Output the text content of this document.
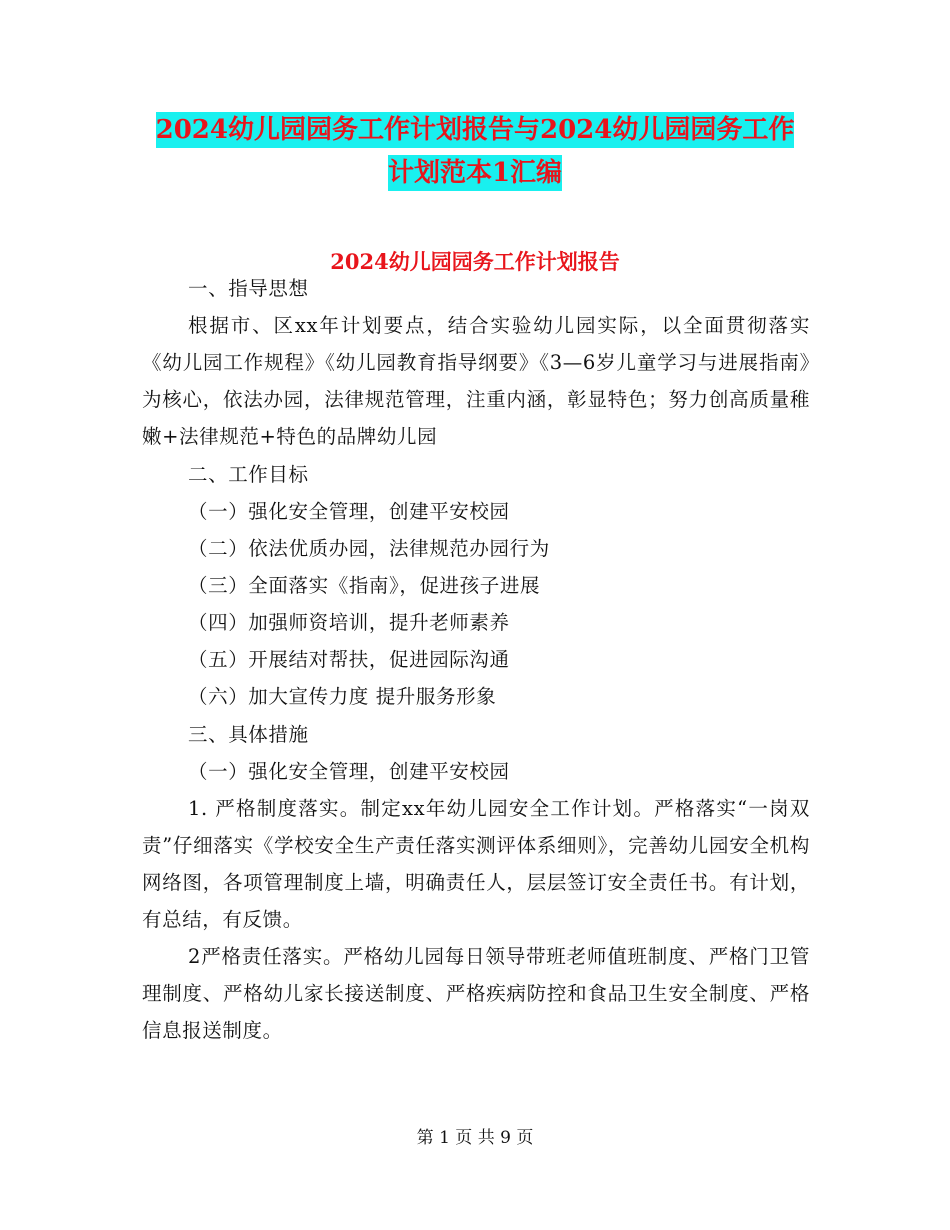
2024幼儿园园务工作计划报告与2024幼儿园园务工作
计划范本1汇编
2024幼儿园园务工作计划报告

一、指导思想

根据市、区xx年计划要点，结合实验幼儿园实际，以全面贯彻落实《幼儿园工作规程》《幼儿园教育指导纲要》《3—6岁儿童学习与进展指南》为核心，依法办园，法律规范管理，注重内涵，彰显特色；努力创高质量稚嫩+法律规范+特色的品牌幼儿园

二、工作目标

（一）强化安全管理，创建平安校园

（二）依法优质办园，法律规范办园行为

（三）全面落实《指南》，促进孩子进展

（四）加强师资培训，提升老师素养

（五）开展结对帮扶，促进园际沟通

（六）加大宣传力度 提升服务形象

三、具体措施

（一）强化安全管理，创建平安校园

1. 严格制度落实。制定xx年幼儿园安全工作计划。严格落实“一岗双责”仔细落实《学校安全生产责任落实测评体系细则》，完善幼儿园安全机构网络图，各项管理制度上墙，明确责任人，层层签订安全责任书。有计划，有总结，有反馈。

2严格责任落实。严格幼儿园每日领导带班老师值班制度、严格门卫管理制度、严格幼儿家长接送制度、严格疾病防控和食品卫生安全制度、严格信息报送制度。

第 1 页 共 9 页
